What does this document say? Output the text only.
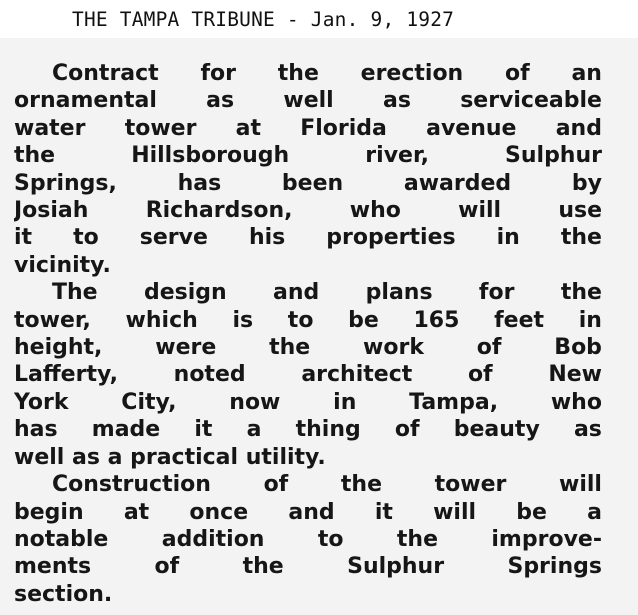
THE TAMPA TRIBUNE - Jan. 9, 1927
Contract for the erection of an
ornamental as well as serviceable
water tower at Florida avenue and
the	Hillsborough	river,	Sulphur
Springs,	has	been	awarded	by
Josiah	Richardson,	who	will	use
it to serve his properties in the
vicinity.
The design and plans for the
tower, which is to be 165 feet in
height, were the work of Bob
Lafferty,	noted	architect	of	New
York City, now in Tampa, who
has made it a thing of beauty as
well as a practical utility.
Construction of the tower will
begin at once and it will be a
notable addition to the improve-
ments	of	the	Sulphur	Springs
section.
